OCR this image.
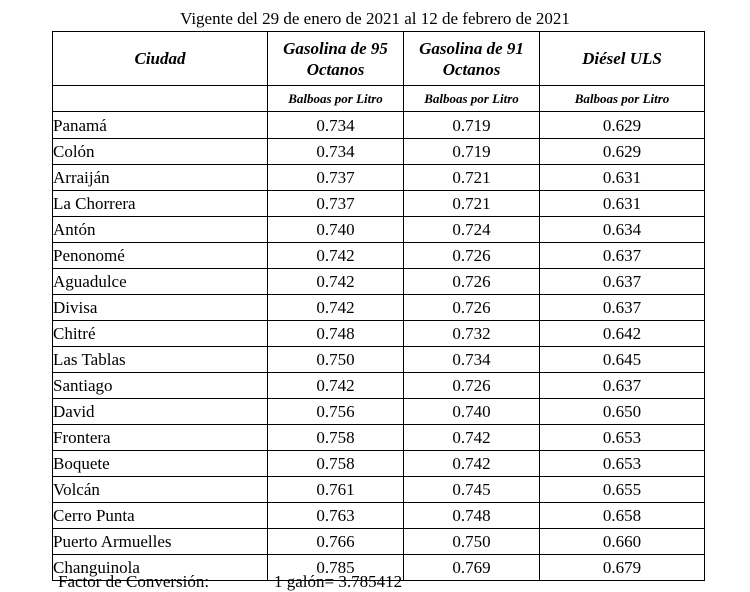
Vigente del 29 de enero de 2021 al 12 de febrero de 2021
Ciudad	Gasolina de 95 Octanos	Gasolina de 91 Octanos	Diésel ULS
	Balboas por Litro	Balboas por Litro	Balboas por Litro
Panamá	0.734	0.719	0.629
Colón	0.734	0.719	0.629
Arraiján	0.737	0.721	0.631
La Chorrera	0.737	0.721	0.631
Antón	0.740	0.724	0.634
Penonomé	0.742	0.726	0.637
Aguadulce	0.742	0.726	0.637
Divisa	0.742	0.726	0.637
Chitré	0.748	0.732	0.642
Las Tablas	0.750	0.734	0.645
Santiago	0.742	0.726	0.637
David	0.756	0.740	0.650
Frontera	0.758	0.742	0.653
Boquete	0.758	0.742	0.653
Volcán	0.761	0.745	0.655
Cerro Punta	0.763	0.748	0.658
Puerto Armuelles	0.766	0.750	0.660
Changuinola	0.785	0.769	0.679
Factor de Conversión:	1 galón= 3.785412
